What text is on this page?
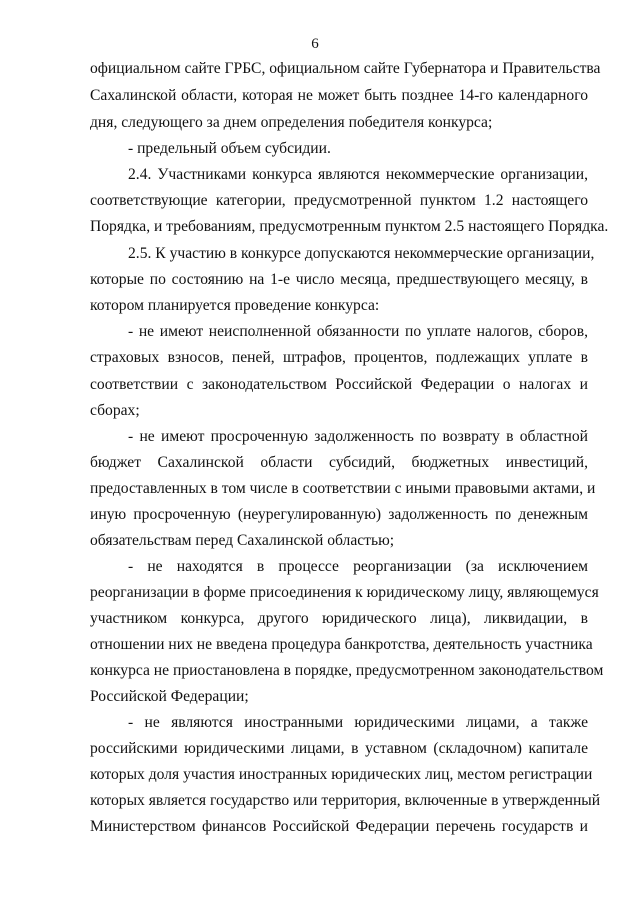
6
официальном сайте ГРБС, официальном сайте Губернатора и Правительства
Сахалинской области, которая не может быть позднее 14-го календарного
дня, следующего за днем определения победителя конкурса;
- предельный объем субсидии.
2.4. Участниками конкурса являются некоммерческие организации,
соответствующие категории, предусмотренной пунктом 1.2 настоящего
Порядка, и требованиям, предусмотренным пунктом 2.5 настоящего Порядка.
2.5. К участию в конкурсе допускаются некоммерческие организации,
которые по состоянию на 1-е число месяца, предшествующего месяцу, в
котором планируется проведение конкурса:
- не имеют неисполненной обязанности по уплате налогов, сборов,
страховых взносов, пеней, штрафов, процентов, подлежащих уплате в
соответствии с законодательством Российской Федерации о налогах и
сборах;
- не имеют просроченную задолженность по возврату в областной
бюджет Сахалинской области субсидий, бюджетных инвестиций,
предоставленных в том числе в соответствии с иными правовыми актами, и
иную просроченную (неурегулированную) задолженность по денежным
обязательствам перед Сахалинской областью;
- не находятся в процессе реорганизации (за исключением
реорганизации в форме присоединения к юридическому лицу, являющемуся
участником конкурса, другого юридического лица), ликвидации, в
отношении них не введена процедура банкротства, деятельность участника
конкурса не приостановлена в порядке, предусмотренном законодательством
Российской Федерации;
- не являются иностранными юридическими лицами, а также
российскими юридическими лицами, в уставном (складочном) капитале
которых доля участия иностранных юридических лиц, местом регистрации
которых является государство или территория, включенные в утвержденный
Министерством финансов Российской Федерации перечень государств и
